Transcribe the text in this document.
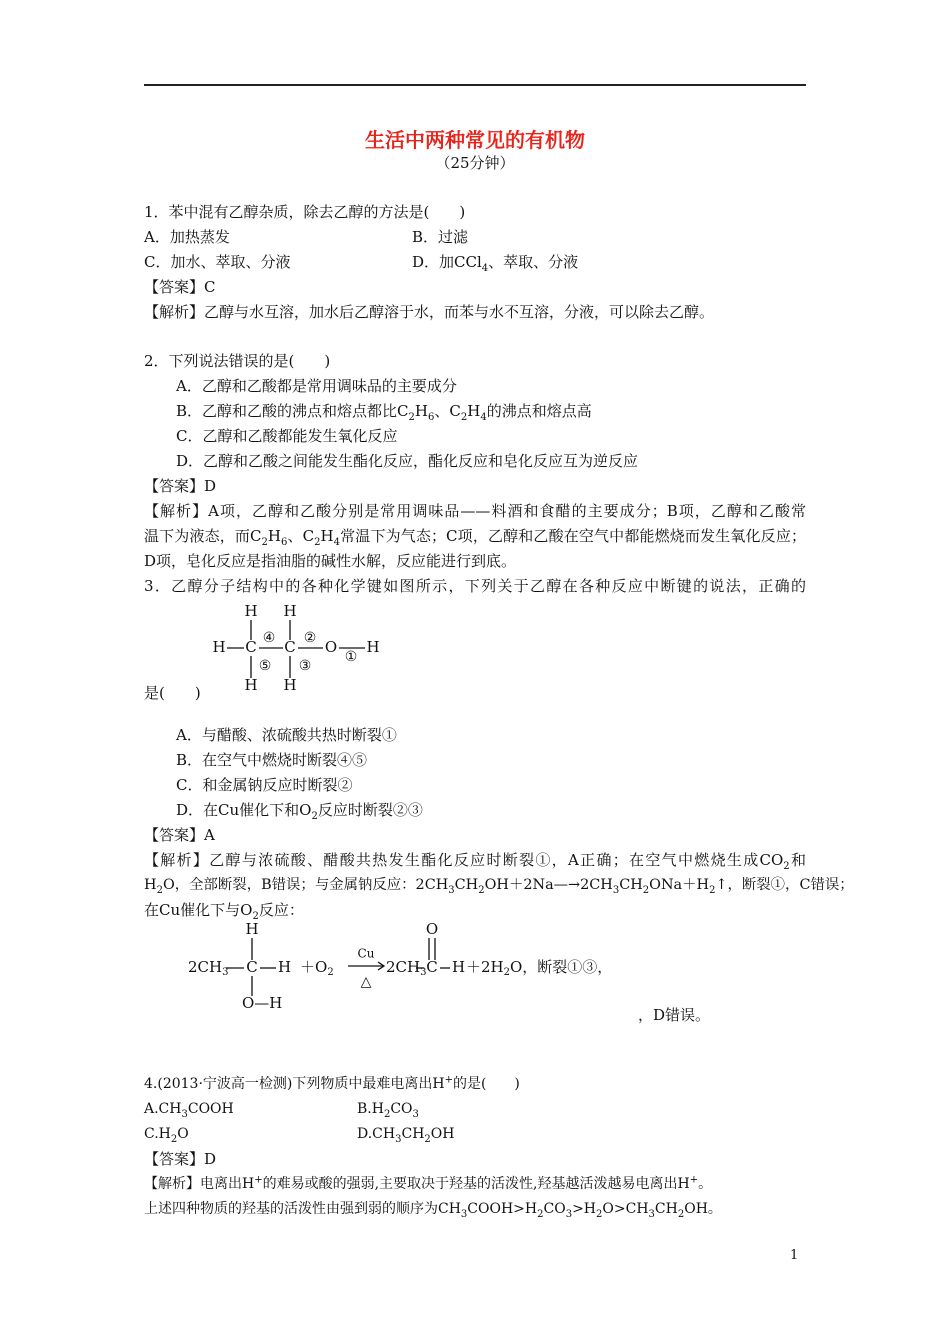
生活中两种常见的有机物
（25分钟）
1．苯中混有乙醇杂质，除去乙醇的方法是(　　)
A．加热蒸发	B．过滤
C．加水、萃取、分液	D．加CCl$_4$、萃取、分液
【答案】C
【解析】乙醇与水互溶，加水后乙醇溶于水，而苯与水不互溶，分液，可以除去乙醇。
2．下列说法错误的是(　　)
A．乙醇和乙酸都是常用调味品的主要成分
B．乙醇和乙酸的沸点和熔点都比$C_2H_6$、$C_2H_4$的沸点和熔点高
C．乙醇和乙酸都能发生氧化反应
D．乙醇和乙酸之间能发生酯化反应，酯化反应和皂化反应互为逆反应
【答案】D
【解析】A项，乙醇和乙酸分别是常用调味品——料酒和食醋的主要成分；B项，乙醇和乙酸常
温下为液态，而$C_2H_6$、$C_2H_4$常温下为气态；C项，乙醇和乙酸在空气中都能燃烧而发生氧化反应；
D项，皂化反应是指油脂的碱性水解，反应能进行到底。
3．乙醇分子结构中的各种化学键如图所示，下列关于乙醇在各种反应中断键的说法，正确的
H H
H C C O H
H H
④ ②
⑤ ③
①
是(　　)
A．与醋酸、浓硫酸共热时断裂①
B．在空气中燃烧时断裂④⑤
C．和金属钠反应时断裂②
D．在Cu催化下和$O_2$反应时断裂②③
【答案】A
【解析】乙醇与浓硫酸、醋酸共热发生酯化反应时断裂①，A正确；在空气中燃烧生成$CO_2$和
$H_2O$，全部断裂，B错误；与金属钠反应：$2CH_3CH_2OH+2Na—\to 2CH_3CH_2ONa+H_2↑$，断裂①，C错误；
在Cu催化下与$O_2$反应：
$2CH_3$
H
C H
O—H
$+O_2$
Cu
△
$2CH_3$
O
C $H +2H_2O$，断裂①③，
，D错误。
4.(2013·宁波高一检测)下列物质中最难电离出H+的是(　　)
$A.CH_3COOH$	$B.H_2CO_3$
$C.H_2O$	$D.CH_3CH_2OH$
【答案】D
【解析】电离出H+的难易或酸的强弱,主要取决于羟基的活泼性,羟基越活泼越易电离出H+。
上述四种物质的羟基的活泼性由强到弱的顺序为$CH_3COOH>H_2CO_3>H_2O>CH_3CH_2OH$。
1
